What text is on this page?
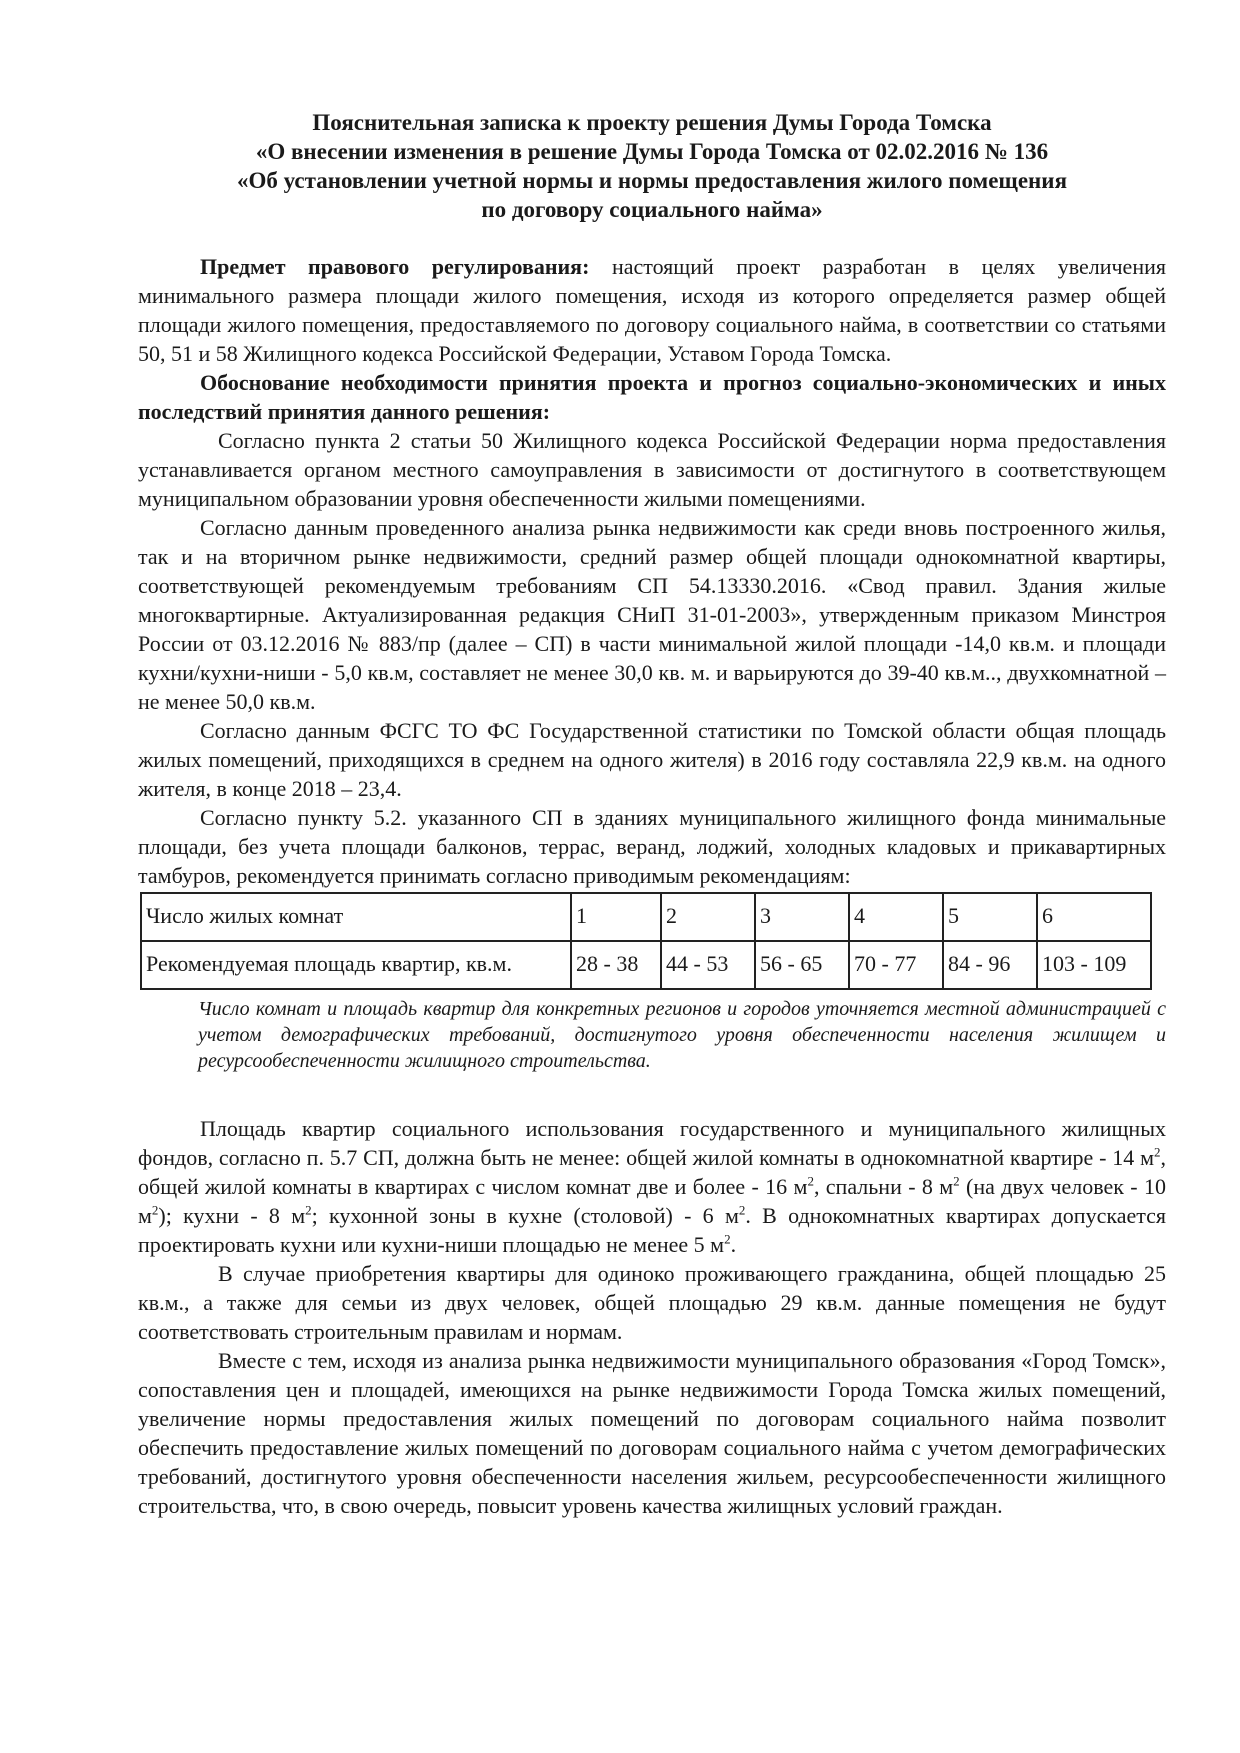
Пояснительная записка к проекту решения Думы Города Томска
«О внесении изменения в решение Думы Города Томска от 02.02.2016 № 136
«Об установлении учетной нормы и нормы предоставления жилого помещения
по договору социального найма»

Предмет правового регулирования: настоящий проект разработан в целях увеличения минимального размера площади жилого помещения, исходя из которого определяется размер общей площади жилого помещения, предоставляемого по договору социального найма, в соответствии со статьями 50, 51 и 58 Жилищного кодекса Российской Федерации, Уставом Города Томска.

Обоснование необходимости принятия проекта и прогноз социально-экономических и иных последствий принятия данного решения:

Согласно пункта 2 статьи 50 Жилищного кодекса Российской Федерации норма предоставления устанавливается органом местного самоуправления в зависимости от достигнутого в соответствующем муниципальном образовании уровня обеспеченности жилыми помещениями.

Согласно данным проведенного анализа рынка недвижимости как среди вновь построенного жилья, так и на вторичном рынке недвижимости, средний размер общей площади однокомнатной квартиры, соответствующей рекомендуемым требованиям СП 54.13330.2016. «Свод правил. Здания жилые многоквартирные. Актуализированная редакция СНиП 31-01-2003», утвержденным приказом Минстроя России от 03.12.2016 № 883/пр (далее – СП) в части минимальной жилой площади -14,0 кв.м. и площади кухни/кухни-ниши - 5,0 кв.м, составляет не менее 30,0 кв. м. и варьируются до 39-40 кв.м.., двухкомнатной – не менее 50,0 кв.м.

Согласно данным ФСГС ТО ФС Государственной статистики по Томской области общая площадь жилых помещений, приходящихся в среднем на одного жителя) в 2016 году составляла 22,9 кв.м. на одного жителя, в конце 2018 – 23,4.

Согласно пункту 5.2. указанного СП в зданиях муниципального жилищного фонда минимальные площади, без учета площади балконов, террас, веранд, лоджий, холодных кладовых и прикавартирных тамбуров, рекомендуется принимать согласно приводимым рекомендациям:

Число жилых комнат	1	2	3	4	5	6
Рекомендуемая площадь квартир, кв.м.	28 - 38	44 - 53	56 - 65	70 - 77	84 - 96	103 - 109
Число комнат и площадь квартир для конкретных регионов и городов уточняется местной администрацией с учетом демографических требований, достигнутого уровня обеспеченности населения жилищем и ресурсообеспеченности жилищного строительства.

Площадь квартир социального использования государственного и муниципального жилищных фондов, согласно п. 5.7 СП, должна быть не менее: общей жилой комнаты в однокомнатной квартире - 14 $м^2$, общей жилой комнаты в квартирах с числом комнат две и более - 16 $м^2$, спальни - 8 $м^2$ (на двух человек - 10 $м^2$); кухни - 8 $м^2$; кухонной зоны в кухне (столовой) - 6 $м^2$. В однокомнатных квартирах допускается проектировать кухни или кухни-ниши площадью не менее 5 $м^2$.

В случае приобретения квартиры для одиноко проживающего гражданина, общей площадью 25 кв.м., а также для семьи из двух человек, общей площадью 29 кв.м. данные помещения не будут соответствовать строительным правилам и нормам.

Вместе с тем, исходя из анализа рынка недвижимости муниципального образования «Город Томск», сопоставления цен и площадей, имеющихся на рынке недвижимости Города Томска жилых помещений, увеличение нормы предоставления жилых помещений по договорам социального найма позволит обеспечить предоставление жилых помещений по договорам социального найма с учетом демографических требований, достигнутого уровня обеспеченности населения жильем, ресурсообеспеченности жилищного строительства, что, в свою очередь, повысит уровень качества жилищных условий граждан.
